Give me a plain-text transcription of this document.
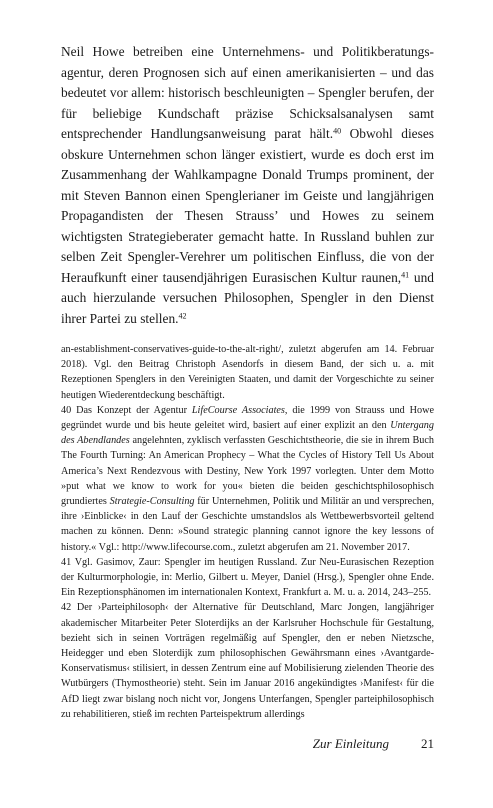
Neil Howe betreiben eine Unternehmens- und Politikberatungsagentur, deren Prognosen sich auf einen amerikanisierten – und das bedeutet vor allem: historisch beschleunigten – Spengler berufen, der für beliebige Kundschaft präzise Schicksalsanalysen samt entsprechender Handlungsanweisung parat hält.$^{40}$ Obwohl dieses obskure Unternehmen schon länger existiert, wurde es doch erst im Zusammenhang der Wahlkampagne Donald Trumps prominent, der mit Steven Bannon einen Spenglerianer im Geiste und langjährigen Propagandisten der Thesen Strauss’ und Howes zu seinem wichtigsten Strategieberater gemacht hatte. In Russland buhlen zur selben Zeit Spengler-Verehrer um politischen Einfluss, die von der Heraufkunft einer tausendjährigen Eurasischen Kultur raunen,$^{41}$ und auch hierzulande versuchen Philosophen, Spengler in den Dienst ihrer Partei zu stellen.$^{42}$

an-establishment-conservatives-guide-to-the-alt-right/, zuletzt abgerufen am 14. Februar 2018). Vgl. den Beitrag Christoph Asendorfs in diesem Band, der sich u. a. mit Rezeptionen Spenglers in den Vereinigten Staaten, und damit der Vorgeschichte zu seiner heutigen Wiederentdeckung beschäftigt.

40 Das Konzept der Agentur LifeCourse Associates, die 1999 von Strauss und Howe gegründet wurde und bis heute geleitet wird, basiert auf einer explizit an den Untergang des Abendlandes angelehnten, zyklisch verfassten Geschichtstheorie, die sie in ihrem Buch The Fourth Turning: An American Prophecy – What the Cycles of History Tell Us About America’s Next Rendezvous with Destiny, New York 1997 vorlegten. Unter dem Motto »put what we know to work for you« bieten die beiden geschichtsphilosophisch grundiertes Strategie-Consulting für Unternehmen, Politik und Militär an und versprechen, ihre ›Einblicke‹ in den Lauf der Geschichte umstandslos als Wettbewerbsvorteil geltend machen zu können. Denn: »Sound strategic planning cannot ignore the key lessons of history.« Vgl.: http://www.lifecourse.com., zuletzt abgerufen am 21. November 2017.

41 Vgl. Gasimov, Zaur: Spengler im heutigen Russland. Zur Neu-Eurasischen Rezeption der Kulturmorphologie, in: Merlio, Gilbert u. Meyer, Daniel (Hrsg.), Spengler ohne Ende. Ein Rezeptionsphänomen im internationalen Kontext, Frankfurt a. M. u. a. 2014, 243–255.

42 Der ›Parteiphilosoph‹ der Alternative für Deutschland, Marc Jongen, langjähriger akademischer Mitarbeiter Peter Sloterdijks an der Karlsruher Hochschule für Gestaltung, bezieht sich in seinen Vorträgen regelmäßig auf Spengler, den er neben Nietzsche, Heidegger und eben Sloterdijk zum philosophischen Gewährsmann eines ›Avantgarde-Konservatismus‹ stilisiert, in dessen Zentrum eine auf Mobilisierung zielenden Theorie des Wutbürgers (Thymostheorie) steht. Sein im Januar 2016 angekündigtes ›Manifest‹ für die AfD liegt zwar bislang noch nicht vor, Jongens Unterfangen, Spengler parteiphilosophisch zu rehabilitieren, stieß im rechten Parteispektrum allerdings

Zur Einleitung 21
